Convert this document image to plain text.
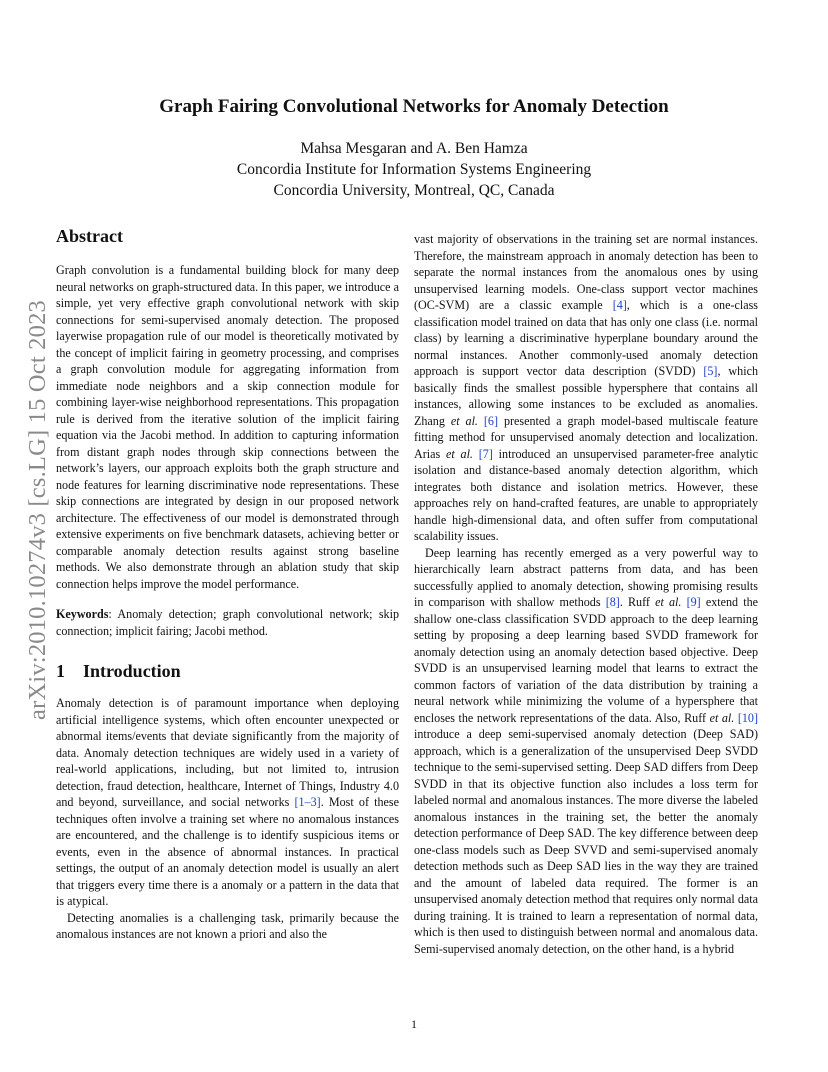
arXiv:2010.10274v3 [cs.LG] 15 Oct 2023
Graph Fairing Convolutional Networks for Anomaly Detection
Mahsa Mesgaran and A. Ben Hamza
Concordia Institute for Information Systems Engineering
Concordia University, Montreal, QC, Canada
Abstract

Graph convolution is a fundamental building block for many deep neural networks on graph-structured data. In this paper, we introduce a simple, yet very effective graph convolutional network with skip connections for semi-supervised anomaly detection. The proposed layerwise propagation rule of our model is theoretically motivated by the concept of implicit fairing in geometry processing, and comprises a graph convolution module for aggregating information from immediate node neighbors and a skip connection module for combining layer-wise neighborhood representations. This propagation rule is derived from the iterative solution of the implicit fairing equation via the Jacobi method. In addition to capturing information from distant graph nodes through skip connections between the network’s layers, our approach exploits both the graph structure and node features for learning discriminative node representations. These skip connections are integrated by design in our proposed network architecture. The effectiveness of our model is demonstrated through extensive experiments on five benchmark datasets, achieving better or comparable anomaly detection results against strong baseline methods. We also demonstrate through an ablation study that skip connection helps improve the model performance.

Keywords: Anomaly detection; graph convolutional network; skip connection; implicit fairing; Jacobi method.

1	Introduction

Anomaly detection is of paramount importance when deploying artificial intelligence systems, which often encounter unexpected or abnormal items/events that deviate significantly from the majority of data. Anomaly detection techniques are widely used in a variety of real-world applications, including, but not limited to, intrusion detection, fraud detection, healthcare, Internet of Things, Industry 4.0 and beyond, surveillance, and social networks [1–3]. Most of these techniques often involve a training set where no anomalous instances are encountered, and the challenge is to identify suspicious items or events, even in the absence of abnormal instances. In practical settings, the output of an anomaly detection model is usually an alert that triggers every time there is a anomaly or a pattern in the data that is atypical.

Detecting anomalies is a challenging task, primarily because the anomalous instances are not known a priori and also the

vast majority of observations in the training set are normal instances. Therefore, the mainstream approach in anomaly detection has been to separate the normal instances from the anomalous ones by using unsupervised learning models. One-class support vector machines (OC-SVM) are a classic example [4], which is a one-class classification model trained on data that has only one class (i.e. normal class) by learning a discriminative hyperplane boundary around the normal instances. Another commonly-used anomaly detection approach is support vector data description (SVDD) [5], which basically finds the smallest possible hypersphere that contains all instances, allowing some instances to be excluded as anomalies. Zhang et al. [6] presented a graph model-based multiscale feature fitting method for unsupervised anomaly detection and localization. Arias et al. [7] introduced an unsupervised parameter-free analytic isolation and distance-based anomaly detection algorithm, which integrates both distance and isolation metrics. However, these approaches rely on hand-crafted features, are unable to appropriately handle high-dimensional data, and often suffer from computational scalability issues.

Deep learning has recently emerged as a very powerful way to hierarchically learn abstract patterns from data, and has been successfully applied to anomaly detection, showing promising results in comparison with shallow methods [8]. Ruff et al. [9] extend the shallow one-class classification SVDD approach to the deep learning setting by proposing a deep learning based SVDD framework for anomaly detection using an anomaly detection based objective. Deep SVDD is an unsupervised learning model that learns to extract the common factors of variation of the data distribution by training a neural network while minimizing the volume of a hypersphere that encloses the network representations of the data. Also, Ruff et al. [10] introduce a deep semi-supervised anomaly detection (Deep SAD) approach, which is a generalization of the unsupervised Deep SVDD technique to the semi-supervised setting. Deep SAD differs from Deep SVDD in that its objective function also includes a loss term for labeled normal and anomalous instances. The more diverse the labeled anomalous instances in the training set, the better the anomaly detection performance of Deep SAD. The key difference between deep one-class models such as Deep SVVD and semi-supervised anomaly detection methods such as Deep SAD lies in the way they are trained and the amount of labeled data required. The former is an unsupervised anomaly detection method that requires only normal data during training. It is trained to learn a representation of normal data, which is then used to distinguish between normal and anomalous data. Semi-supervised anomaly detection, on the other hand, is a hybrid

1
